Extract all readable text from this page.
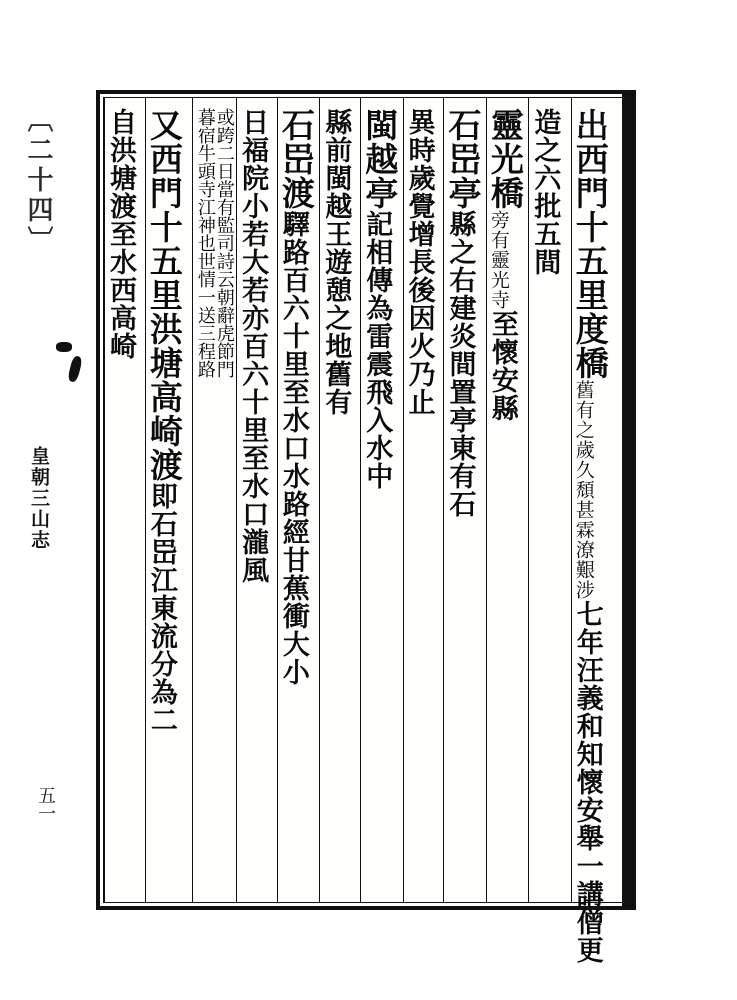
〔二十四〕
皇朝三山志
五一
出西門十五里度橋
舊有之歲久頹甚霖潦艱涉
七年汪義和知懷安舉一講僧更
造之六
批五間
靈光橋
旁有靈光寺
至懷安縣
石岊亭
縣之右建炎間置亭東有石
異時歲覺增長後因火乃止
閩越亭
記
相傳為雷震飛入水中
縣前閩越王遊憩之地舊有
石岊渡
驛路百六十里至水口水路經甘蕉衝大小
日福院小若大若亦百六十里至水口瀧風
或跨二日當有監司詩云朝辭虎節門
暮宿牛頭寺江神也世情一送三程路
又西門十五里洪塘高崎渡
即石岊江東流分為二
自洪塘渡至水西高崎
